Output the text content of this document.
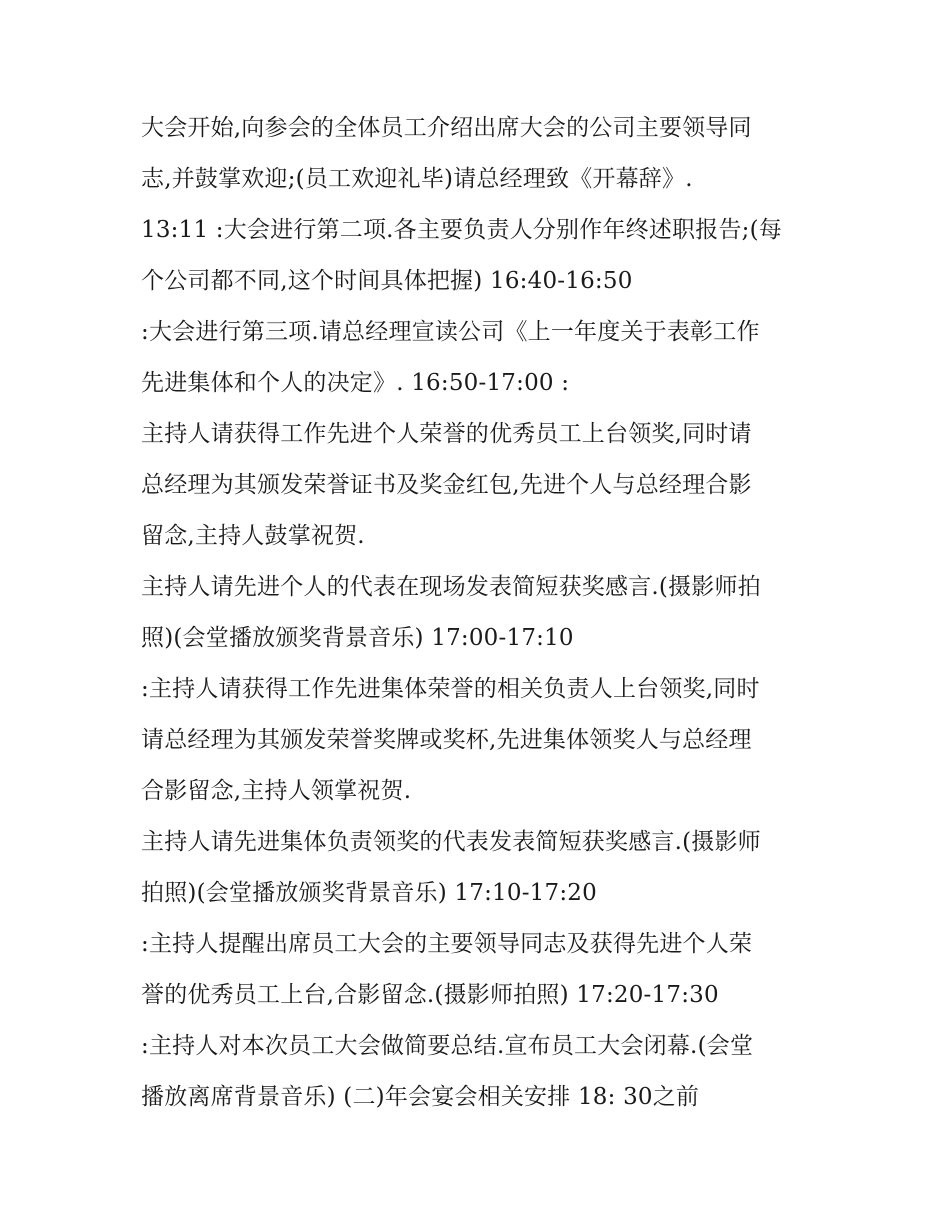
大会开始,向参会的全体员工介绍出席大会的公司主要领导同
志,并鼓掌欢迎;(员工欢迎礼毕)请总经理致《开幕辞》.
13:11 :大会进行第二项.各主要负责人分别作年终述职报告;(每
个公司都不同,这个时间具体把握) 16:40-16:50
:大会进行第三项.请总经理宣读公司《上一年度关于表彰工作
先进集体和个人的决定》. 16:50-17:00 :
主持人请获得工作先进个人荣誉的优秀员工上台领奖,同时请
总经理为其颁发荣誉证书及奖金红包,先进个人与总经理合影
留念,主持人鼓掌祝贺.
主持人请先进个人的代表在现场发表简短获奖感言.(摄影师拍
照)(会堂播放颁奖背景音乐) 17:00-17:10
:主持人请获得工作先进集体荣誉的相关负责人上台领奖,同时
请总经理为其颁发荣誉奖牌或奖杯,先进集体领奖人与总经理
合影留念,主持人领掌祝贺.
主持人请先进集体负责领奖的代表发表简短获奖感言.(摄影师
拍照)(会堂播放颁奖背景音乐) 17:10-17:20
:主持人提醒出席员工大会的主要领导同志及获得先进个人荣
誉的优秀员工上台,合影留念.(摄影师拍照) 17:20-17:30
:主持人对本次员工大会做简要总结.宣布员工大会闭幕.(会堂
播放离席背景音乐) (二)年会宴会相关安排 18: 30之前
